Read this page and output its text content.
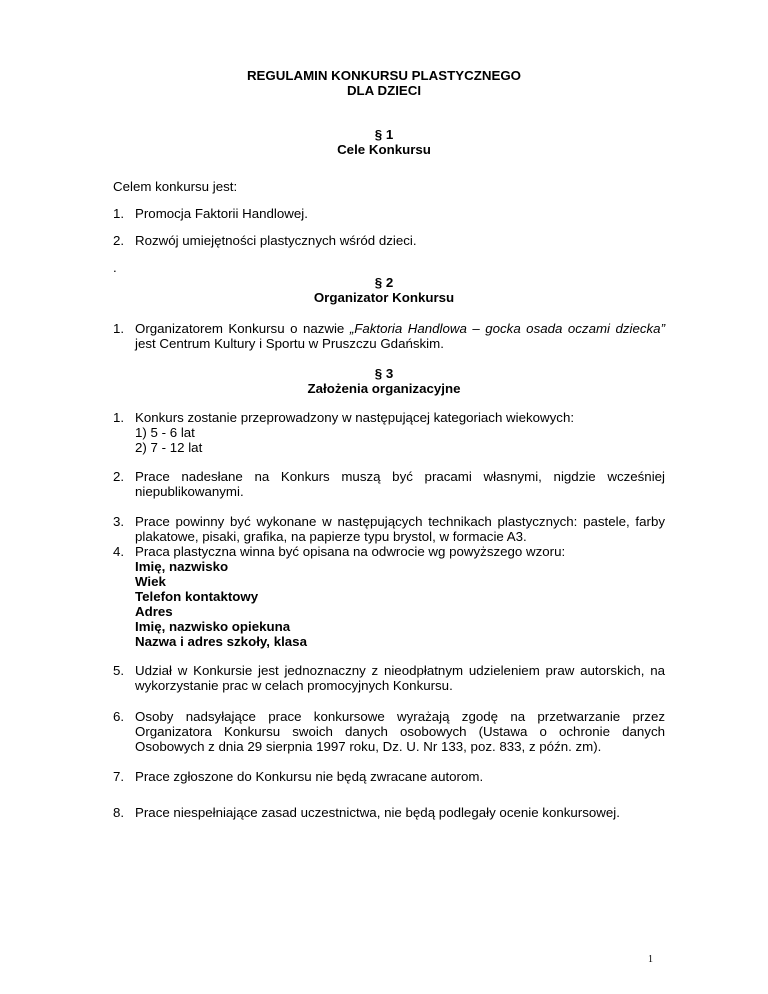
REGULAMIN KONKURSU PLASTYCZNEGO
DLA DZIECI
§ 1
Cele Konkursu
Celem konkursu jest:
1. Promocja Faktorii Handlowej.
2. Rozwój umiejętności plastycznych wśród dzieci.
.
§ 2
Organizator Konkursu
1. Organizatorem Konkursu o nazwie „Faktoria Handlowa – gocka osada oczami dziecka”
jest Centrum Kultury i Sportu w Pruszczu Gdańskim.
§ 3
Założenia organizacyjne
1. Konkurs zostanie przeprowadzony w następującej kategoriach wiekowych:
1) 5 - 6 lat
2) 7 - 12 lat
2. Prace nadesłane na Konkurs muszą być pracami własnymi, nigdzie wcześniej
niepublikowanymi.
3. Prace powinny być wykonane w następujących technikach plastycznych: pastele, farby
plakatowe, pisaki, grafika, na papierze typu brystol, w formacie A3.
4. Praca plastyczna winna być opisana na odwrocie wg powyższego wzoru:
Imię, nazwisko
Wiek
Telefon kontaktowy
Adres
Imię, nazwisko opiekuna
Nazwa i adres szkoły, klasa
5. Udział w Konkursie jest jednoznaczny z nieodpłatnym udzieleniem praw autorskich, na
wykorzystanie prac w celach promocyjnych Konkursu.
6. Osoby nadsyłające prace konkursowe wyrażają zgodę na przetwarzanie przez
Organizatora Konkursu swoich danych osobowych (Ustawa o ochronie danych
Osobowych z dnia 29 sierpnia 1997 roku, Dz. U. Nr 133, poz. 833, z późn. zm).
7. Prace zgłoszone do Konkursu nie będą zwracane autorom.
8. Prace niespełniające zasad uczestnictwa, nie będą podlegały ocenie konkursowej.
1
